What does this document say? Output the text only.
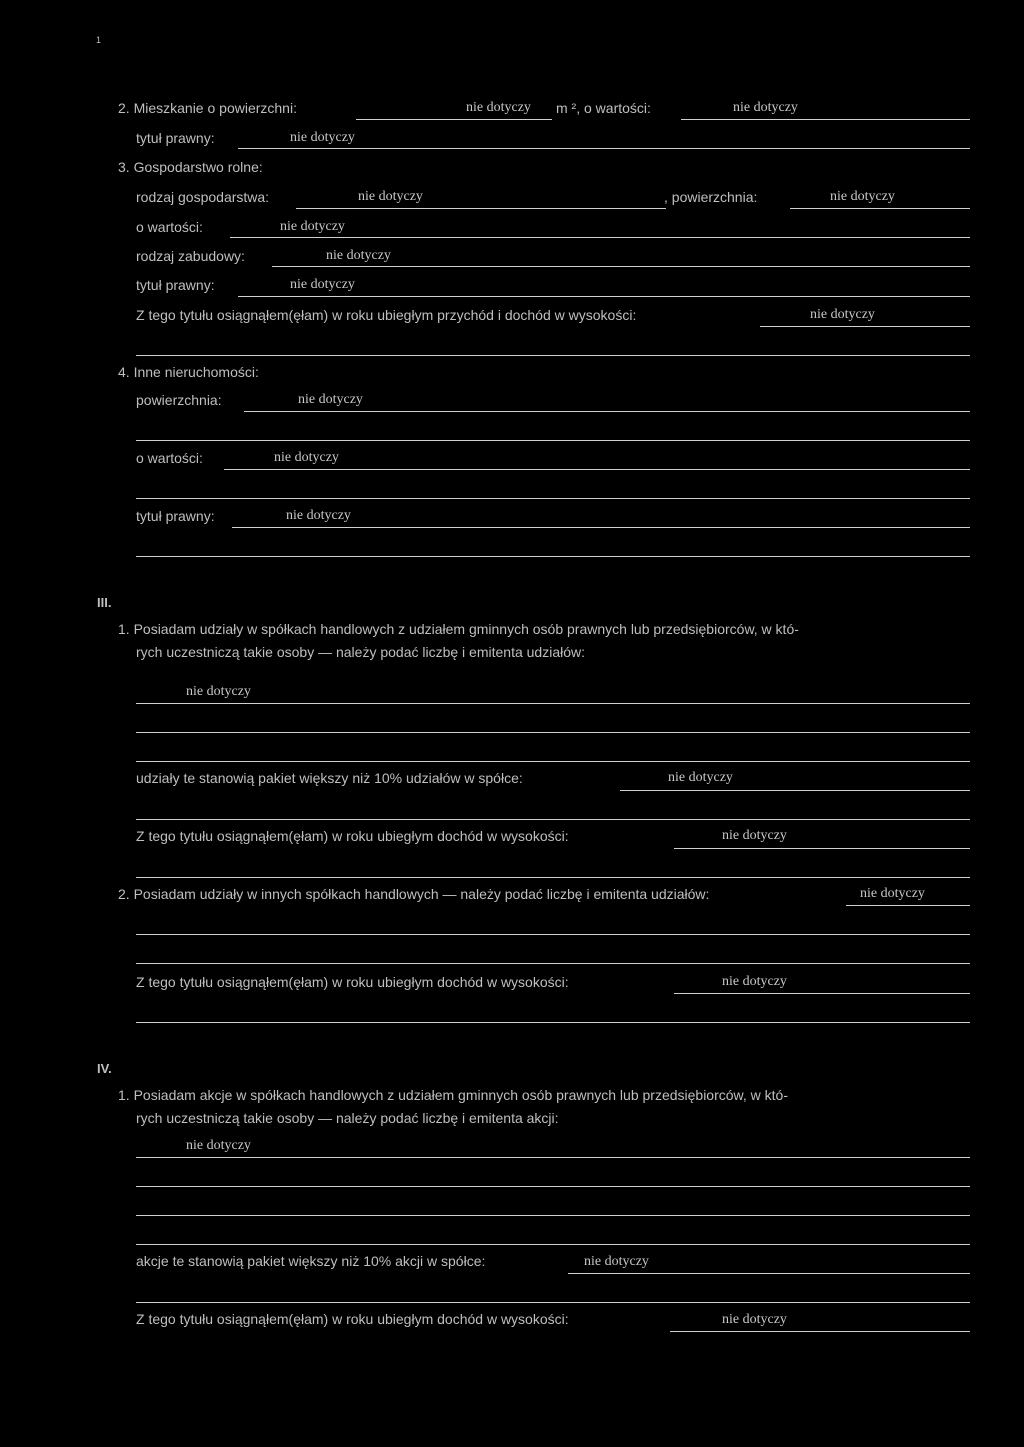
1
2. Mieszkanie o powierzchni:	nie dotyczy m ², o wartości:	nie dotyczy
tytuł prawny:	nie dotyczy
3. Gospodarstwo rolne:
rodzaj gospodarstwa:	nie dotyczy	, powierzchnia:	nie dotyczy
o wartości:	nie dotyczy
rodzaj zabudowy:	nie dotyczy
tytuł prawny:	nie dotyczy
Z tego tytułu osiągnąłem(ęłam) w roku ubiegłym przychód i dochód w wysokości:	nie dotyczy
4. Inne nieruchomości:
powierzchnia:	nie dotyczy
o wartości:	nie dotyczy
tytuł prawny:	nie dotyczy
III.
1. Posiadam udziały w spółkach handlowych z udziałem gminnych osób prawnych lub przedsiębiorców, w któ-
rych uczestniczą takie osoby — należy podać liczbę i emitenta udziałów:
nie dotyczy
udziały te stanowią pakiet większy niż 10% udziałów w spółce:	nie dotyczy
Z tego tytułu osiągnąłem(ęłam) w roku ubiegłym dochód w wysokości:	nie dotyczy
2. Posiadam udziały w innych spółkach handlowych — należy podać liczbę i emitenta udziałów:	nie dotyczy
Z tego tytułu osiągnąłem(ęłam) w roku ubiegłym dochód w wysokości:	nie dotyczy
IV.
1. Posiadam akcje w spółkach handlowych z udziałem gminnych osób prawnych lub przedsiębiorców, w któ-
rych uczestniczą takie osoby — należy podać liczbę i emitenta akcji:
nie dotyczy
akcje te stanowią pakiet większy niż 10% akcji w spółce:	nie dotyczy
Z tego tytułu osiągnąłem(ęłam) w roku ubiegłym dochód w wysokości:	nie dotyczy
